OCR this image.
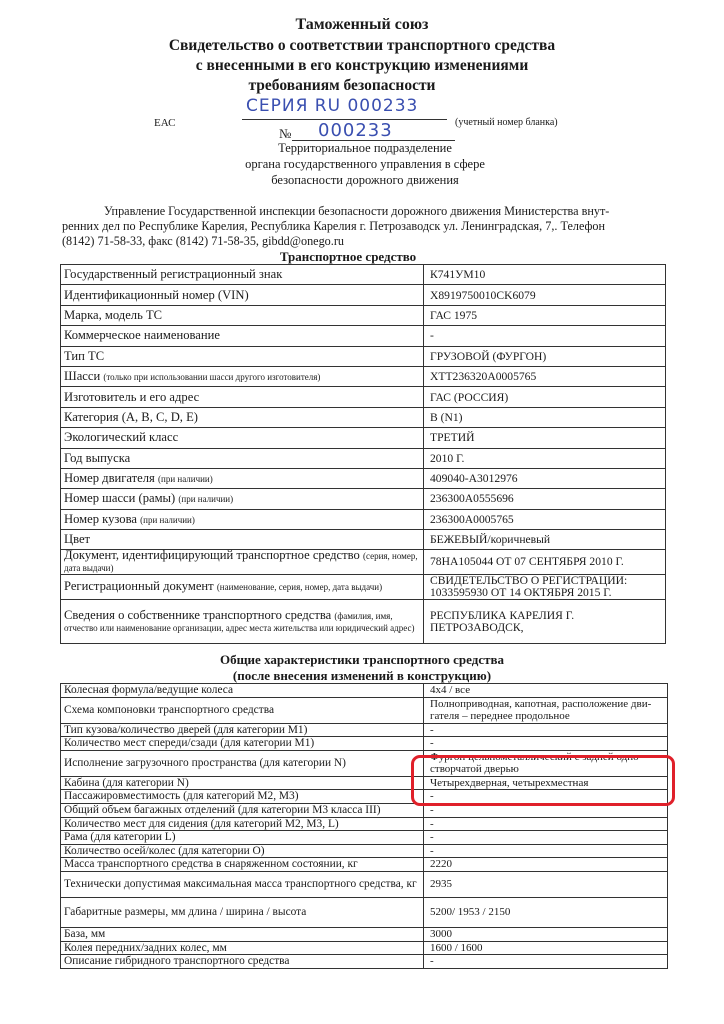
Таможенный союз
Свидетельство о соответствии транспортного средства
с внесенными в его конструкцию изменениями
требованиям безопасности
СЕРИЯ RU 000233
ЕАС	(учетный номер бланка)
№ 000233
Территориальное подразделение
органа государственного управления в сфере
безопасности дорожного движения
Управление Государственной инспекции безопасности дорожного движения Министерства внут-
ренних дел по Республике Карелия, Республика Карелия г. Петрозаводск ул. Ленинградская, 7,. Телефон
(8142) 71-58-33, факс (8142) 71-58-35, gibdd@onego.ru
Транспортное средство
Государственный регистрационный знак	К741УМ10
Идентификационный номер (VIN)	X8919750010CK6079
Марка, модель ТС	ГАС 1975
Коммерческое наименование	-
Тип ТС	ГРУЗОВОЙ (ФУРГОН)
Шасси (только при использовании шасси другого изготовителя)	XTT236320A0005765
Изготовитель и его адрес	ГАС (РОССИЯ)
Категория (A, B, C, D, E)	B (N1)
Экологический класс	ТРЕТИЙ
Год выпуска	2010 Г.
Номер двигателя (при наличии)	409040-A3012976
Номер шасси (рамы) (при наличии)	236300A0555696
Номер кузова (при наличии)	236300A0005765
Цвет	БЕЖЕВЫЙ/коричневый
Документ, идентифицирующий транспортное средство (серия, номер, дата выдачи)	78НА105044 ОТ 07 СЕНТЯБРЯ 2010 Г.
Регистрационный документ (наименование, серия, номер, дата выдачи)	СВИДЕТЕЛЬСТВО О РЕГИСТРАЦИИ: 1033595930 ОТ 14 ОКТЯБРЯ 2015 Г.
Сведения о собственнике транспортного средства (фамилия, имя, отчество или наименование организации, адрес места жительства или юридический адрес)	РЕСПУБЛИКА КАРЕЛИЯ Г. ПЕТРОЗАВОДСК,
Общие характеристики транспортного средства
(после внесения изменений в конструкцию)
Колесная формула/ведущие колеса	4x4 / все
Схема компоновки транспортного средства	Полноприводная, капотная, расположение дви- гателя – переднее продольное
Тип кузова/количество дверей (для категории M1)	-
Количество мест спереди/сзади (для категории M1)	-
Исполнение загрузочного пространства (для категории N)	Фургон цельнометаллический с задней одно- створчатой дверью
Кабина (для категории N)	Четырехдверная, четырехместная
Пассажировместимость (для категорий M2, M3)	-
Общий объем багажных отделений (для категории M3 класса III)	-
Количество мест для сидения (для категорий M2, M3, L)	-
Рама (для категории L)	-
Количество осей/колес (для категории O)	-
Масса транспортного средства в снаряженном состоянии, кг	2220
Технически допустимая максимальная масса транспортного средства, кг	2935
Габаритные размеры, мм длина / ширина / высота	5200/ 1953 / 2150
База, мм	3000
Колея передних/задних колес, мм	1600 / 1600
Описание гибридного транспортного средства	-
